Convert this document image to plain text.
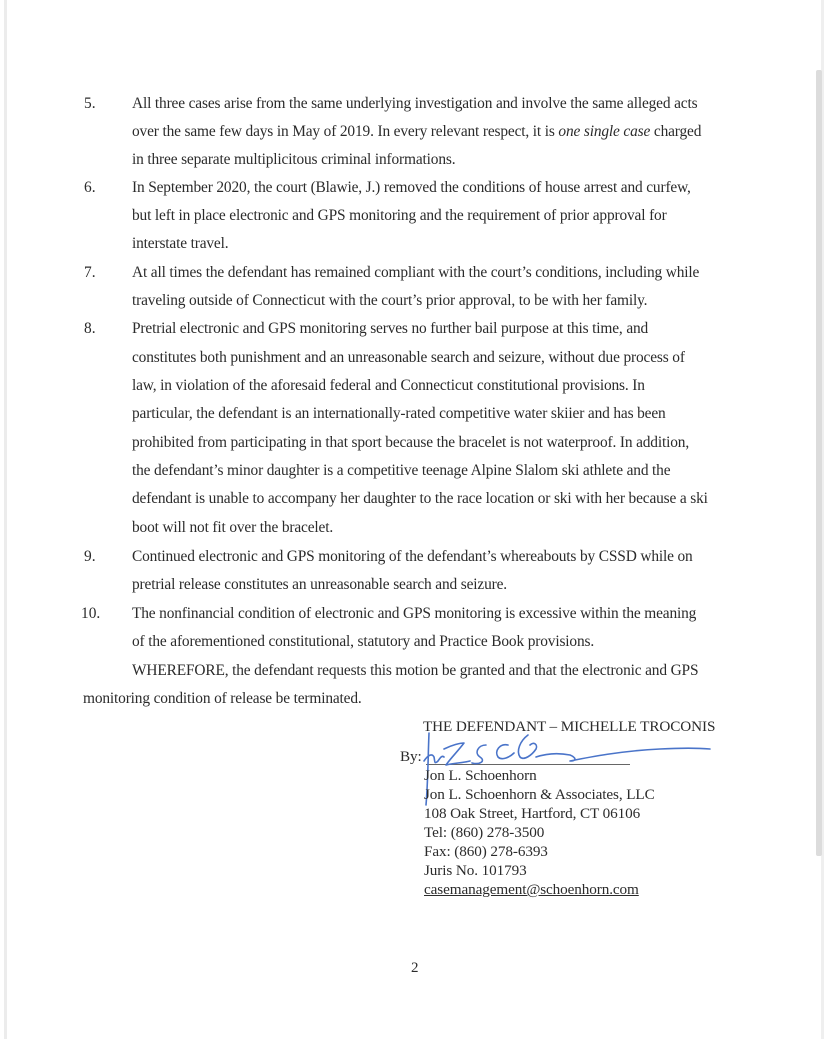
5. All three cases arise from the same underlying investigation and involve the same alleged acts
over the same few days in May of 2019. In every relevant respect, it is one single case charged
in three separate multiplicitous criminal informations.
6. In September 2020, the court (Blawie, J.) removed the conditions of house arrest and curfew,
but left in place electronic and GPS monitoring and the requirement of prior approval for
interstate travel.
7. At all times the defendant has remained compliant with the court’s conditions, including while
traveling outside of Connecticut with the court’s prior approval, to be with her family.
8. Pretrial electronic and GPS monitoring serves no further bail purpose at this time, and
constitutes both punishment and an unreasonable search and seizure, without due process of
law, in violation of the aforesaid federal and Connecticut constitutional provisions. In
particular, the defendant is an internationally-rated competitive water skiier and has been
prohibited from participating in that sport because the bracelet is not waterproof. In addition,
the defendant’s minor daughter is a competitive teenage Alpine Slalom ski athlete and the
defendant is unable to accompany her daughter to the race location or ski with her because a ski
boot will not fit over the bracelet.
9. Continued electronic and GPS monitoring of the defendant’s whereabouts by CSSD while on
pretrial release constitutes an unreasonable search and seizure.
10. The nonfinancial condition of electronic and GPS monitoring is excessive within the meaning
of the aforementioned constitutional, statutory and Practice Book provisions.
WHEREFORE, the defendant requests this motion be granted and that the electronic and GPS
monitoring condition of release be terminated.
THE DEFENDANT – MICHELLE TROCONIS
By:
Jon L. Schoenhorn
Jon L. Schoenhorn & Associates, LLC
108 Oak Street, Hartford, CT 06106
Tel: (860) 278-3500
Fax: (860) 278-6393
Juris No. 101793
casemanagement@schoenhorn.com
2
